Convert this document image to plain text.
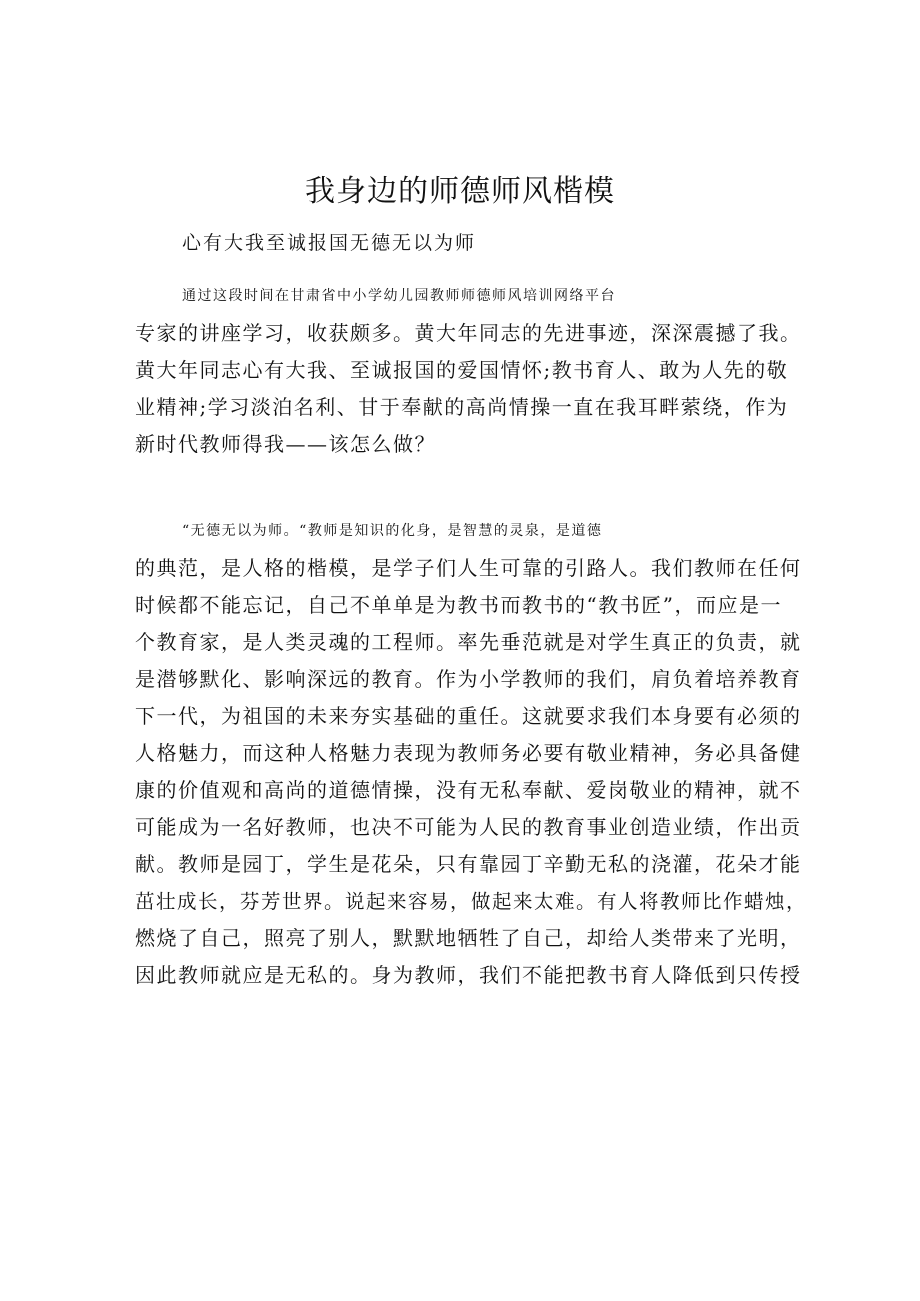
我身边的师德师风楷模

心有大我至诚报国无德无以为师

通过这段时间在甘肃省中小学幼儿园教师师德师风培训网络平台
专家的讲座学习，收获颇多。黄大年同志的先进事迹，深深震撼了我。
黄大年同志心有大我、至诚报国的爱国情怀;教书育人、敢为人先的敬
业精神;学习淡泊名利、甘于奉献的高尚情操一直在我耳畔萦绕，作为
新时代教师得我——该怎么做？
“无德无以为师。“教师是知识的化身，是智慧的灵泉，是道德
的典范，是人格的楷模，是学子们人生可靠的引路人。我们教师在任何
时候都不能忘记，自己不单单是为教书而教书的“教书匠”，而应是一
个教育家，是人类灵魂的工程师。率先垂范就是对学生真正的负责，就
是潜够默化、影响深远的教育。作为小学教师的我们，肩负着培养教育
下一代，为祖国的未来夯实基础的重任。这就要求我们本身要有必须的
人格魅力，而这种人格魅力表现为教师务必要有敬业精神，务必具备健
康的价值观和高尚的道德情操，没有无私奉献、爱岗敬业的精神，就不
可能成为一名好教师，也决不可能为人民的教育事业创造业绩，作出贡
献。教师是园丁，学生是花朵，只有靠园丁辛勤无私的浇灌，花朵才能
茁壮成长，芬芳世界。说起来容易，做起来太难。有人将教师比作蜡烛，
燃烧了自己，照亮了别人，默默地牺牲了自己，却给人类带来了光明，
因此教师就应是无私的。身为教师，我们不能把教书育人降低到只传授
